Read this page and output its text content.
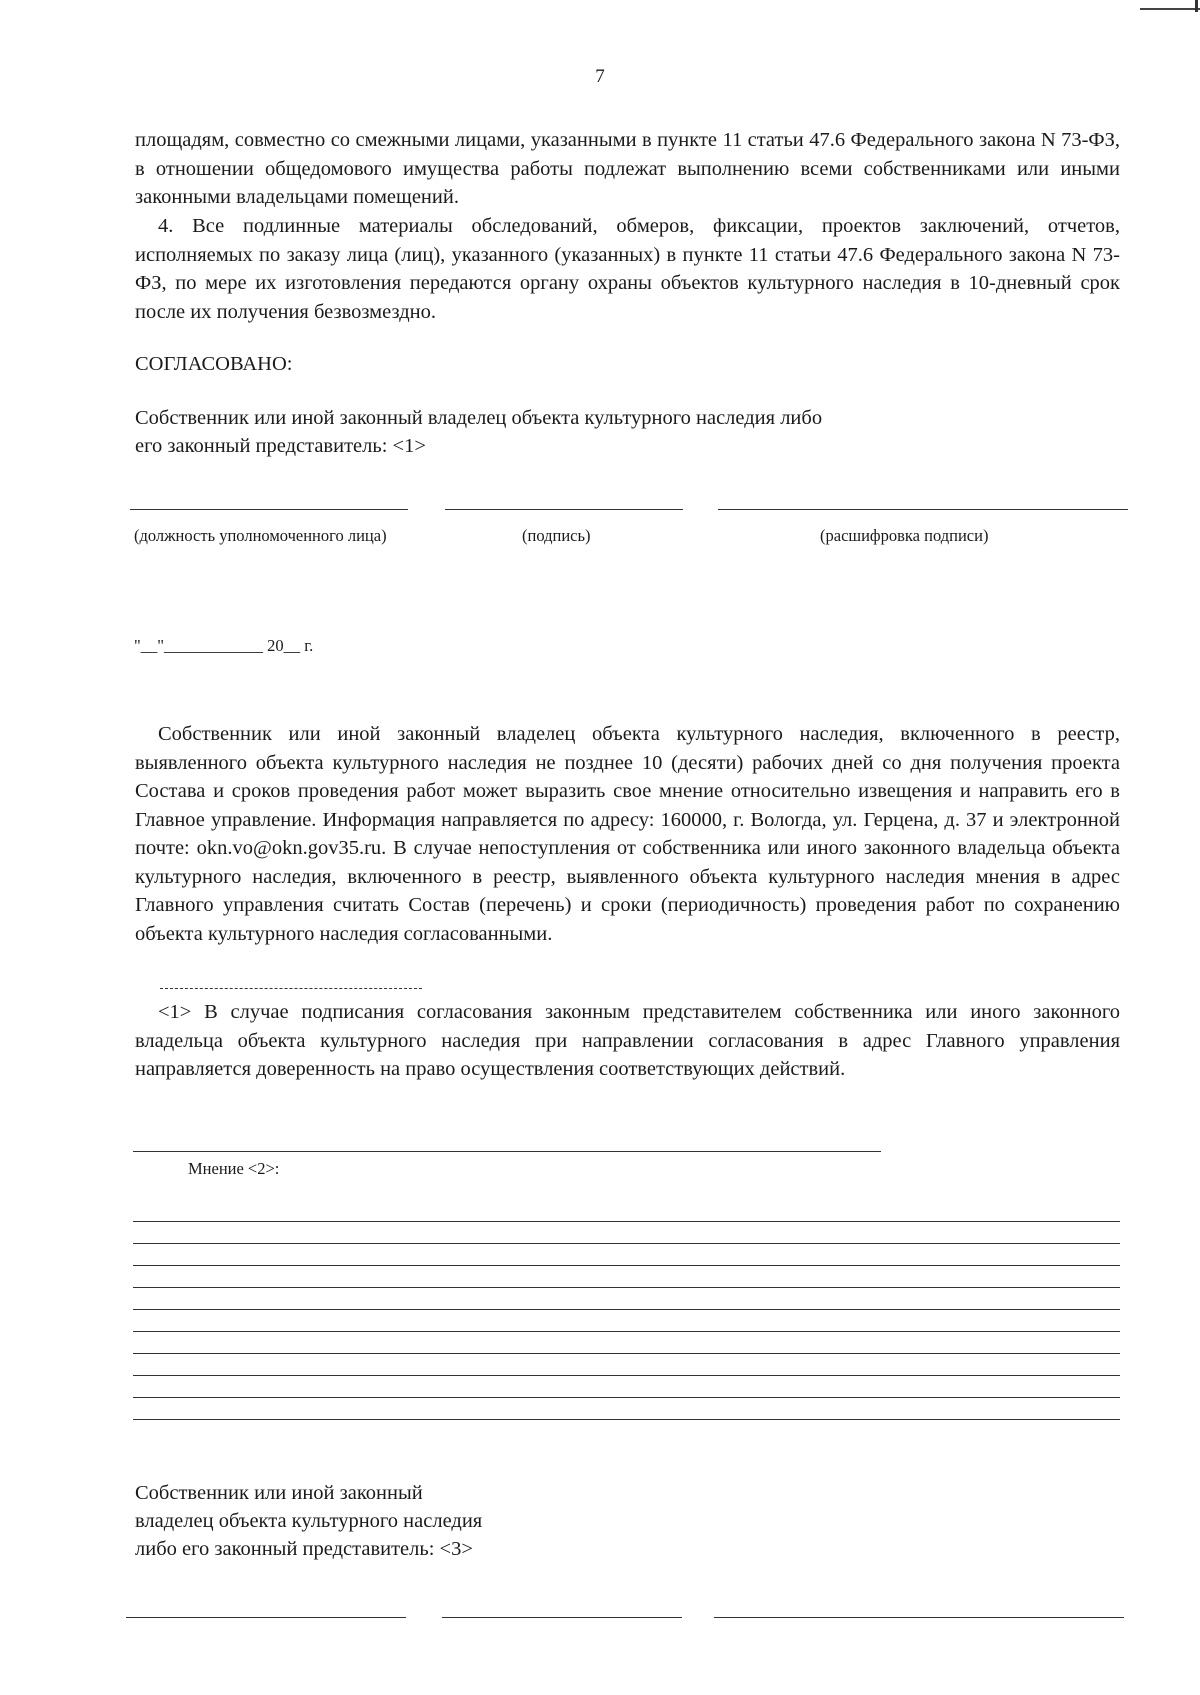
7
площадям, совместно со смежными лицами, указанными в пункте 11 статьи 47.6 Федерального закона N 73-ФЗ, в отношении общедомового имущества работы подлежат выполнению всеми собственниками или иными законными владельцами помещений.
4. Все подлинные материалы обследований, обмеров, фиксации, проектов заключений, отчетов, исполняемых по заказу лица (лиц), указанного (указанных) в пункте 11 статьи 47.6 Федерального закона N 73-ФЗ, по мере их изготовления передаются органу охраны объектов культурного наследия в 10-дневный срок после их получения безвозмездно.
СОГЛАСОВАНО:
Собственник или иной законный владелец объекта культурного наследия либо
его законный представитель: <1>
(должность уполномоченного лица)	(подпись)	(расшифровка подписи)
"__"____________ 20__ г.
Собственник или иной законный владелец объекта культурного наследия, включенного в реестр, выявленного объекта культурного наследия не позднее 10 (десяти) рабочих дней со дня получения проекта Состава и сроков проведения работ может выразить свое мнение относительно извещения и направить его в Главное управление. Информация направляется по адресу: 160000, г. Вологда, ул. Герцена, д. 37 и электронной почте: okn.vo@okn.gov35.ru. В случае непоступления от собственника или иного законного владельца объекта культурного наследия, включенного в реестр, выявленного объекта культурного наследия мнения в адрес Главного управления считать Состав (перечень) и сроки (периодичность) проведения работ по сохранению объекта культурного наследия согласованными.
<1> В случае подписания согласования законным представителем собственника или иного законного владельца объекта культурного наследия при направлении согласования в адрес Главного управления направляется доверенность на право осуществления соответствующих действий.
Мнение <2>:
Собственник или иной законный
владелец объекта культурного наследия
либо его законный представитель: <3>
